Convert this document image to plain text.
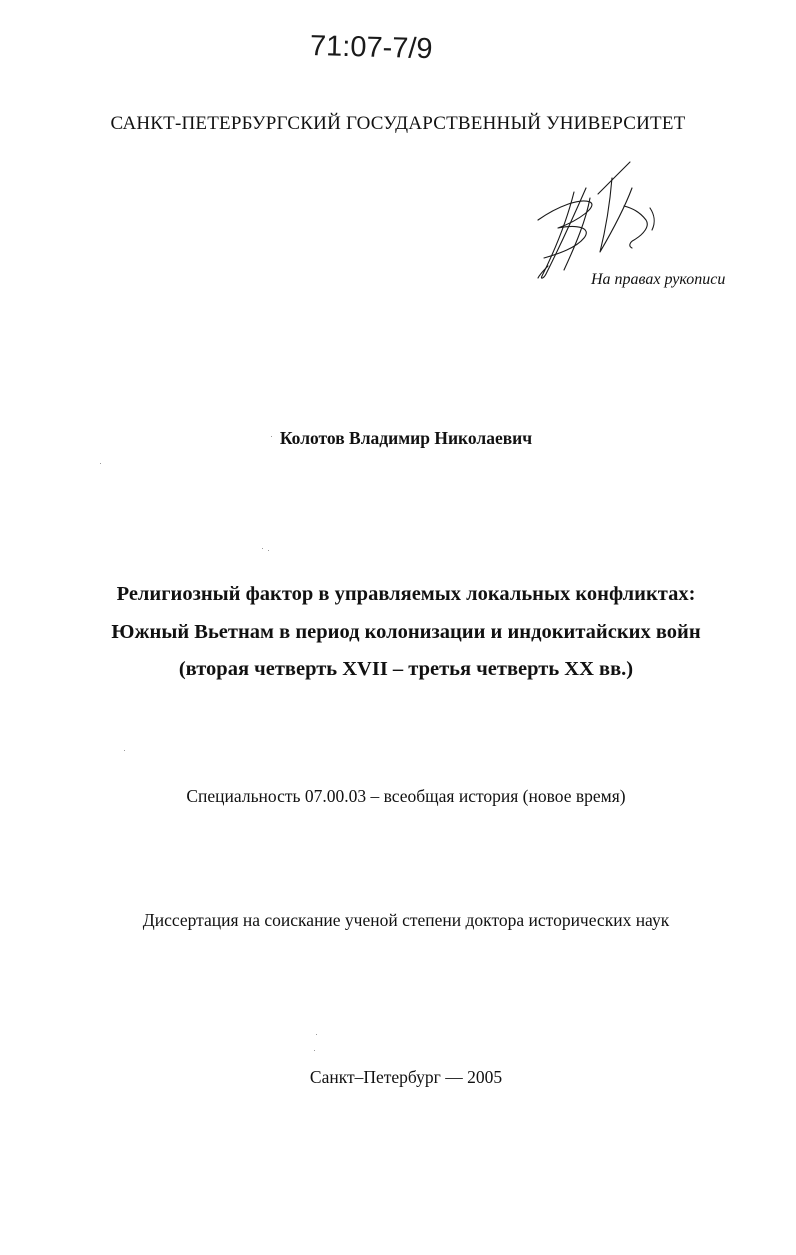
71:07-7/9
САНКТ-ПЕТЕРБУРГСКИЙ ГОСУДАРСТВЕННЫЙ УНИВЕРСИТЕТ
На правах рукописи
Колотов Владимир Николаевич
Религиозный фактор в управляемых локальных конфликтах:
Южный Вьетнам в период колонизации и индокитайских войн
(вторая четверть XVII – третья четверть XX вв.)
Специальность 07.00.03 – всеобщая история (новое время)
Диссертация на соискание ученой степени доктора исторических наук
Санкт–Петербург — 2005
